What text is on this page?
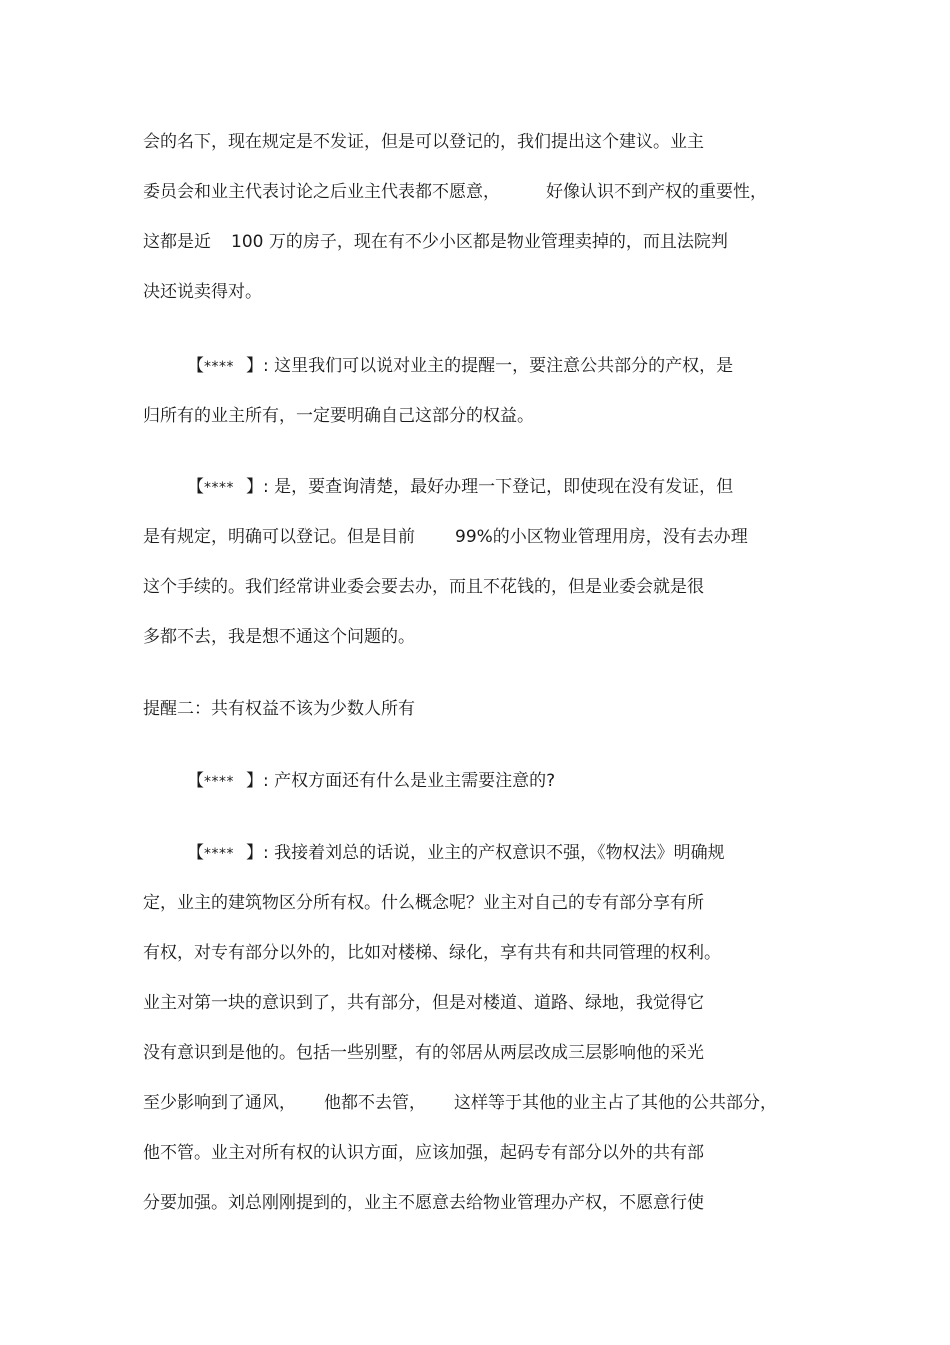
会的名下，现在规定是不发证，但是可以登记的，我们提出这个建议。业主

委员会和业主代表讨论之后业主代表都不愿意，	好像认识不到产权的重要性，

这都是近 100 万的房子，现在有不少小区都是物业管理卖掉的，而且法院判

决还说卖得对。

【**** 】: 这里我们可以说对业主的提醒一，要注意公共部分的产权，是

归所有的业主所有，一定要明确自己这部分的权益。

【**** 】: 是，要查询清楚，最好办理一下登记，即使现在没有发证，但

是有规定，明确可以登记。但是目前 99%的小区物业管理用房，没有去办理

这个手续的。我们经常讲业委会要去办，而且不花钱的，但是业委会就是很

多都不去，我是想不通这个问题的。

提醒二：共有权益不该为少数人所有

【**** 】: 产权方面还有什么是业主需要注意的?

【**** 】: 我接着刘总的话说，业主的产权意识不强，《物权法》明确规

定，业主的建筑物区分所有权。什么概念呢？业主对自己的专有部分享有所

有权，对专有部分以外的，比如对楼梯、绿化，享有共有和共同管理的权利。

业主对第一块的意识到了，共有部分，但是对楼道、道路、绿地，我觉得它

没有意识到是他的。包括一些别墅，有的邻居从两层改成三层影响他的采光

至少影响到了通风， 他都不去管， 这样等于其他的业主占了其他的公共部分，

他不管。业主对所有权的认识方面，应该加强，起码专有部分以外的共有部

分要加强。刘总刚刚提到的，业主不愿意去给物业管理办产权，不愿意行使
